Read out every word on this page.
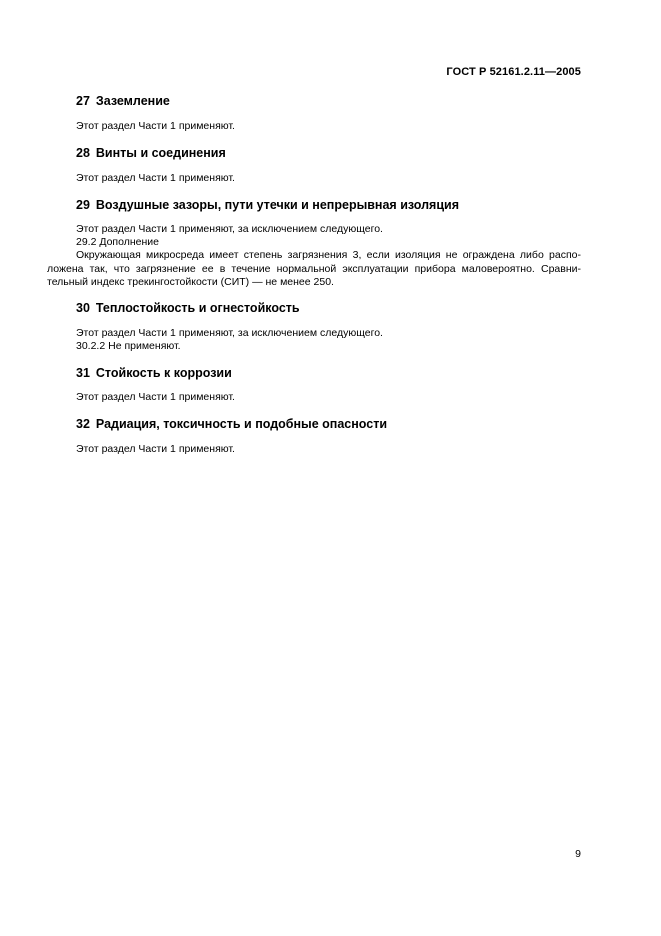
ГОСТ Р 52161.2.11—2005
27 Заземление
Этот раздел Части 1 применяют.
28 Винты и соединения
Этот раздел Части 1 применяют.
29 Воздушные зазоры, пути утечки и непрерывная изоляция
Этот раздел Части 1 применяют, за исключением следующего.
29.2 Дополнение
Окружающая микросреда имеет степень загрязнения 3, если изоляция не ограждена либо распо-
ложена так, что загрязнение ее в течение нормальной эксплуатации прибора маловероятно. Сравни-
тельный индекс трекингостойкости (СИТ) — не менее 250.
30 Теплостойкость и огнестойкость
Этот раздел Части 1 применяют, за исключением следующего.
30.2.2 Не применяют.
31 Стойкость к коррозии
Этот раздел Части 1 применяют.
32 Радиация, токсичность и подобные опасности
Этот раздел Части 1 применяют.
9
